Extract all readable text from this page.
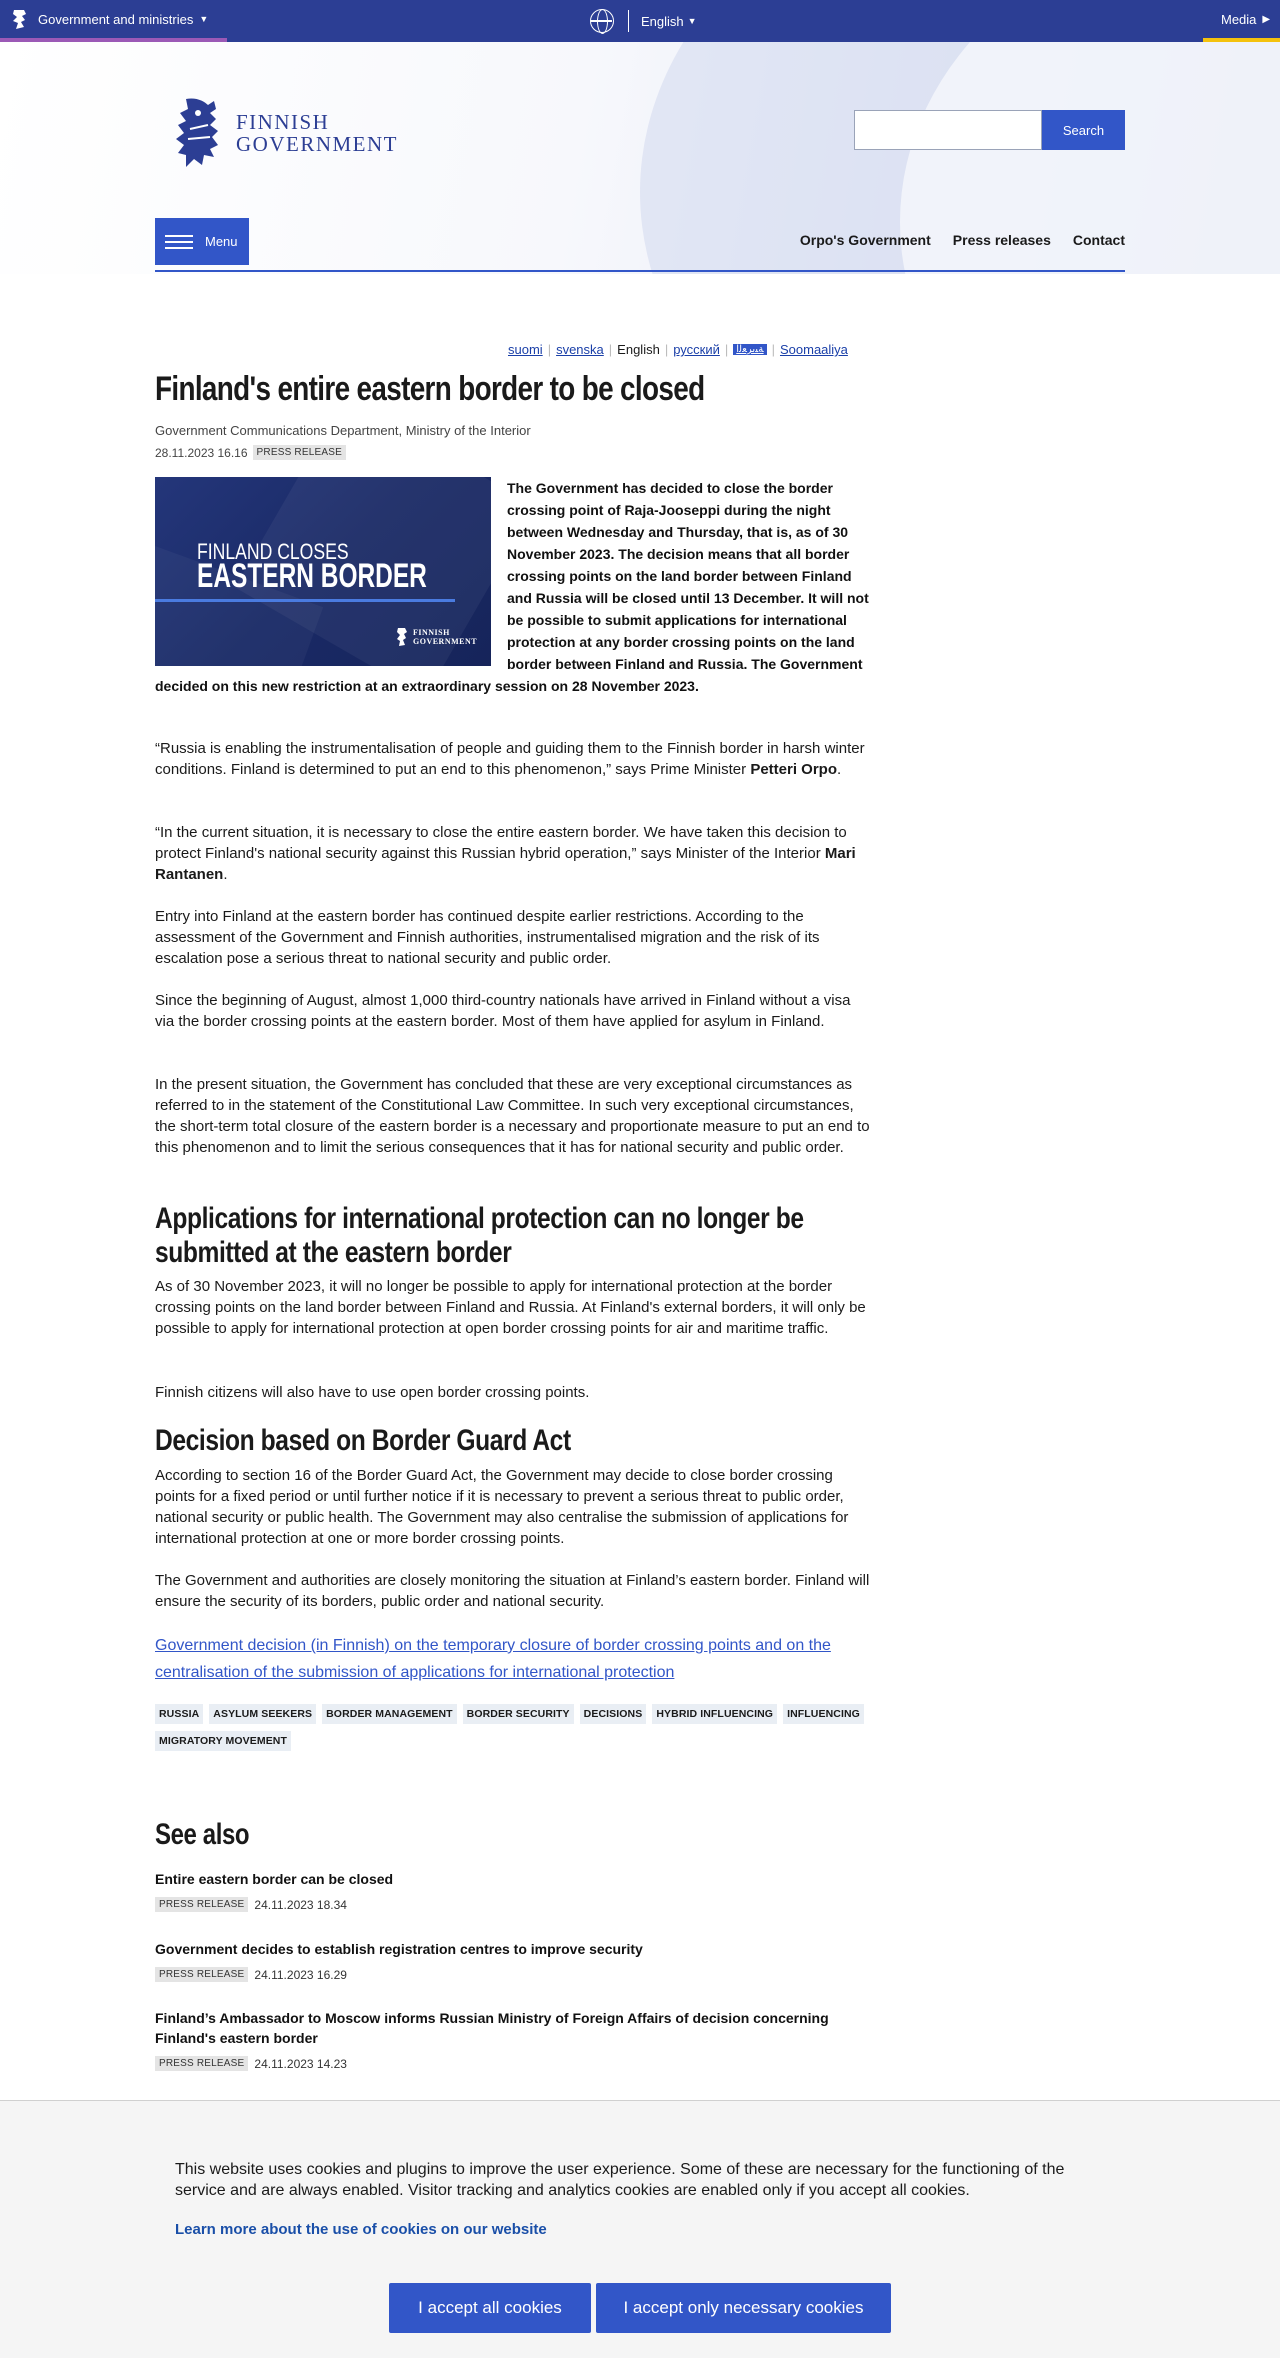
Government and ministries ▼	English ▼	Media ▶
FINNISH
GOVERNMENT
Search
Menu	Orpo's Government Press releases Contact
suomi | svenska | English | русский | ﺔﻴﺑﺮﻌﻟا | Soomaaliya
Finland's entire eastern border to be closed
Government Communications Department, Ministry of the Interior
28.11.2023 16.16 PRESS RELEASE
FINLAND CLOSES
EASTERN BORDER
FINNISH
GOVERNMENT
The Government has decided to close the border crossing point of Raja-Jooseppi during the night between Wednesday and Thursday, that is, as of 30 November 2023. The decision means that all border crossing points on the land border between Finland and Russia will be closed until 13 December. It will not be possible to submit applications for international protection at any border crossing points on the land border between Finland and Russia. The Government decided on this new restriction at an extraordinary session on 28 November 2023.
“Russia is enabling the instrumentalisation of people and guiding them to the Finnish border in harsh winter conditions. Finland is determined to put an end to this phenomenon,” says Prime Minister Petteri Orpo.
“In the current situation, it is necessary to close the entire eastern border. We have taken this decision to protect Finland's national security against this Russian hybrid operation,” says Minister of the Interior Mari Rantanen.
Entry into Finland at the eastern border has continued despite earlier restrictions. According to the assessment of the Government and Finnish authorities, instrumentalised migration and the risk of its escalation pose a serious threat to national security and public order.
Since the beginning of August, almost 1,000 third-country nationals have arrived in Finland without a visa via the border crossing points at the eastern border. Most of them have applied for asylum in Finland.
In the present situation, the Government has concluded that these are very exceptional circumstances as referred to in the statement of the Constitutional Law Committee. In such very exceptional circumstances, the short-term total closure of the eastern border is a necessary and proportionate measure to put an end to this phenomenon and to limit the serious consequences that it has for national security and public order.
Applications for international protection can no longer be submitted at the eastern border
As of 30 November 2023, it will no longer be possible to apply for international protection at the border crossing points on the land border between Finland and Russia. At Finland's external borders, it will only be possible to apply for international protection at open border crossing points for air and maritime traffic.
Finnish citizens will also have to use open border crossing points.
Decision based on Border Guard Act
According to section 16 of the Border Guard Act, the Government may decide to close border crossing points for a fixed period or until further notice if it is necessary to prevent a serious threat to public order, national security or public health. The Government may also centralise the submission of applications for international protection at one or more border crossing points.
The Government and authorities are closely monitoring the situation at Finland’s eastern border. Finland will ensure the security of its borders, public order and national security.
Government decision (in Finnish) on the temporary closure of border crossing points and on the centralisation of the submission of applications for international protection
RUSSIA	ASYLUM SEEKERS	BORDER MANAGEMENT	BORDER SECURITY	DECISIONS	HYBRID INFLUENCING	INFLUENCING
MIGRATORY MOVEMENT
See also
Entire eastern border can be closed
PRESS RELEASE 24.11.2023 18.34
Government decides to establish registration centres to improve security
PRESS RELEASE 24.11.2023 16.29
Finland’s Ambassador to Moscow informs Russian Ministry of Foreign Affairs of decision concerning Finland's eastern border
PRESS RELEASE 24.11.2023 14.23
This website uses cookies and plugins to improve the user experience. Some of these are necessary for the functioning of the service and are always enabled. Visitor tracking and analytics cookies are enabled only if you accept all cookies.
Learn more about the use of cookies on our website
I accept all cookies	I accept only necessary cookies
